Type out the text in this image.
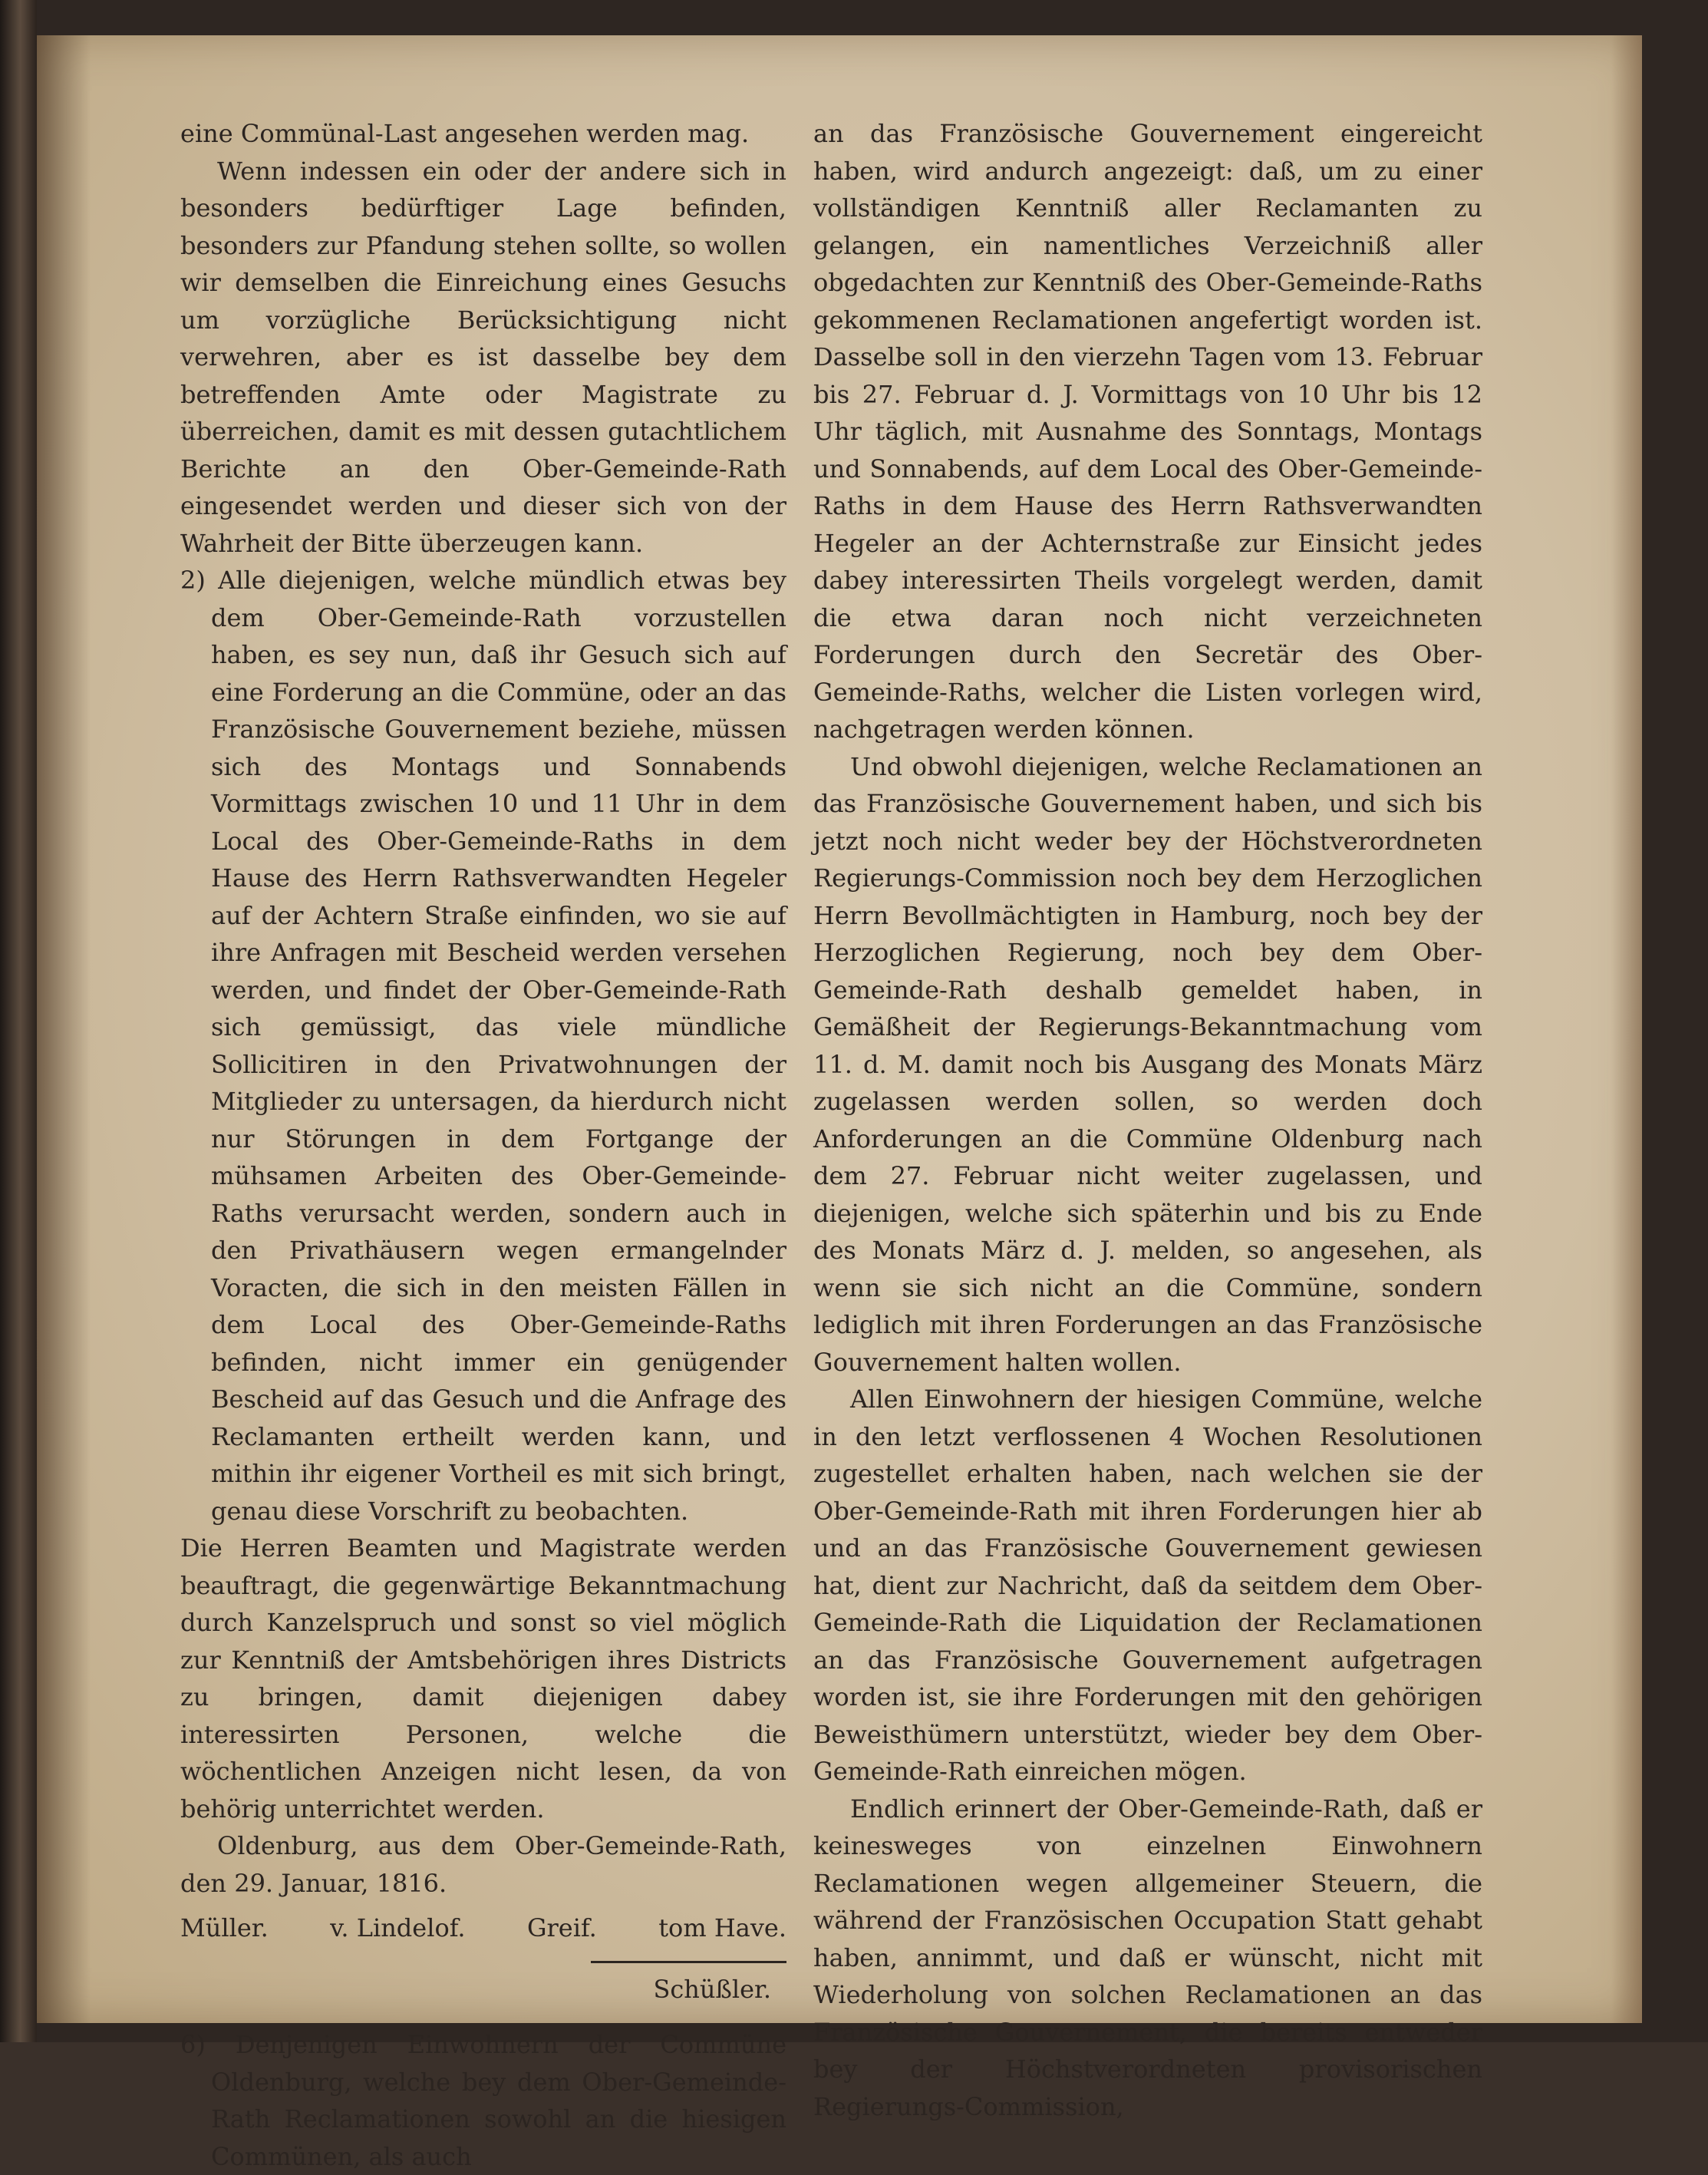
eine Commünal-Last angesehen werden mag.

Wenn indessen ein oder der andere sich in besonders bedürftiger Lage befinden, besonders zur Pfandung stehen sollte, so wollen wir demselben die Einreichung eines Gesuchs um vorzügliche Berücksichtigung nicht verwehren, aber es ist dasselbe bey dem betreffenden Amte oder Magistrate zu überreichen, damit es mit dessen gutachtlichem Berichte an den Ober-Gemeinde-Rath eingesendet werden und dieser sich von der Wahrheit der Bitte überzeugen kann.

2) Alle diejenigen, welche mündlich etwas bey dem Ober-Gemeinde-Rath vorzustellen haben, es sey nun, daß ihr Gesuch sich auf eine Forderung an die Commüne, oder an das Französische Gouvernement beziehe, müssen sich des Montags und Sonnabends Vormittags zwischen 10 und 11 Uhr in dem Local des Ober-Gemeinde-Raths in dem Hause des Herrn Rathsverwandten Hegeler auf der Achtern Straße einfinden, wo sie auf ihre Anfragen mit Bescheid werden versehen werden, und findet der Ober-Gemeinde-Rath sich gemüssigt, das viele mündliche Sollicitiren in den Privatwohnungen der Mitglieder zu untersagen, da hierdurch nicht nur Störungen in dem Fortgange der mühsamen Arbeiten des Ober-Gemeinde-Raths verursacht werden, sondern auch in den Privathäusern wegen ermangelnder Voracten, die sich in den meisten Fällen in dem Local des Ober-Gemeinde-Raths befinden, nicht immer ein genügender Bescheid auf das Gesuch und die Anfrage des Reclamanten ertheilt werden kann, und mithin ihr eigener Vortheil es mit sich bringt, genau diese Vorschrift zu beobachten.

Die Herren Beamten und Magistrate werden beauftragt, die gegenwärtige Bekanntmachung durch Kanzelspruch und sonst so viel möglich zur Kenntniß der Amtsbehörigen ihres Districts zu bringen, damit diejenigen dabey interessirten Personen, welche die wöchentlichen Anzeigen nicht lesen, da von behörig unterrichtet werden.

Oldenburg, aus dem Ober-Gemeinde-Rath, den 29. Januar, 1816.

Müller.	v. Lindelof.	Greif.	tom Have.

Schüßler.

6) Denjenigen Einwohnern der Commüne Oldenburg, welche bey dem Ober-Gemeinde-Rath Reclamationen sowohl an die hiesigen Commünen, als auch

an das Französische Gouvernement eingereicht haben, wird andurch angezeigt: daß, um zu einer vollständigen Kenntniß aller Reclamanten zu gelangen, ein namentliches Verzeichniß aller obgedachten zur Kenntniß des Ober-Gemeinde-Raths gekommenen Reclamationen angefertigt worden ist. Dasselbe soll in den vierzehn Tagen vom 13. Februar bis 27. Februar d. J. Vormittags von 10 Uhr bis 12 Uhr täglich, mit Ausnahme des Sonntags, Montags und Sonnabends, auf dem Local des Ober-Gemeinde-Raths in dem Hause des Herrn Rathsverwandten Hegeler an der Achternstraße zur Einsicht jedes dabey interessirten Theils vorgelegt werden, damit die etwa daran noch nicht verzeichneten Forderungen durch den Secretär des Ober-Gemeinde-Raths, welcher die Listen vorlegen wird, nachgetragen werden können.

Und obwohl diejenigen, welche Reclamationen an das Französische Gouvernement haben, und sich bis jetzt noch nicht weder bey der Höchstverordneten Regierungs-Commission noch bey dem Herzoglichen Herrn Bevollmächtigten in Hamburg, noch bey der Herzoglichen Regierung, noch bey dem Ober-Gemeinde-Rath deshalb gemeldet haben, in Gemäßheit der Regierungs-Bekanntmachung vom 11. d. M. damit noch bis Ausgang des Monats März zugelassen werden sollen, so werden doch Anforderungen an die Commüne Oldenburg nach dem 27. Februar nicht weiter zugelassen, und diejenigen, welche sich späterhin und bis zu Ende des Monats März d. J. melden, so angesehen, als wenn sie sich nicht an die Commüne, sondern lediglich mit ihren Forderungen an das Französische Gouvernement halten wollen.

Allen Einwohnern der hiesigen Commüne, welche in den letzt verflossenen 4 Wochen Resolutionen zugestellet erhalten haben, nach welchen sie der Ober-Gemeinde-Rath mit ihren Forderungen hier ab und an das Französische Gouvernement gewiesen hat, dient zur Nachricht, daß da seitdem dem Ober-Gemeinde-Rath die Liquidation der Reclamationen an das Französische Gouvernement aufgetragen worden ist, sie ihre Forderungen mit den gehörigen Beweisthümern unterstützt, wieder bey dem Ober-Gemeinde-Rath einreichen mögen.

Endlich erinnert der Ober-Gemeinde-Rath, daß er keinesweges von einzelnen Einwohnern Reclamationen wegen allgemeiner Steuern, die während der Französischen Occupation Statt gehabt haben, annimmt, und daß er wünscht, nicht mit Wiederholung von solchen Reclamationen an das Französische Gouvernement, die bereits entweder bey der Höchstverordneten provisorischen Regierungs-Commission,
